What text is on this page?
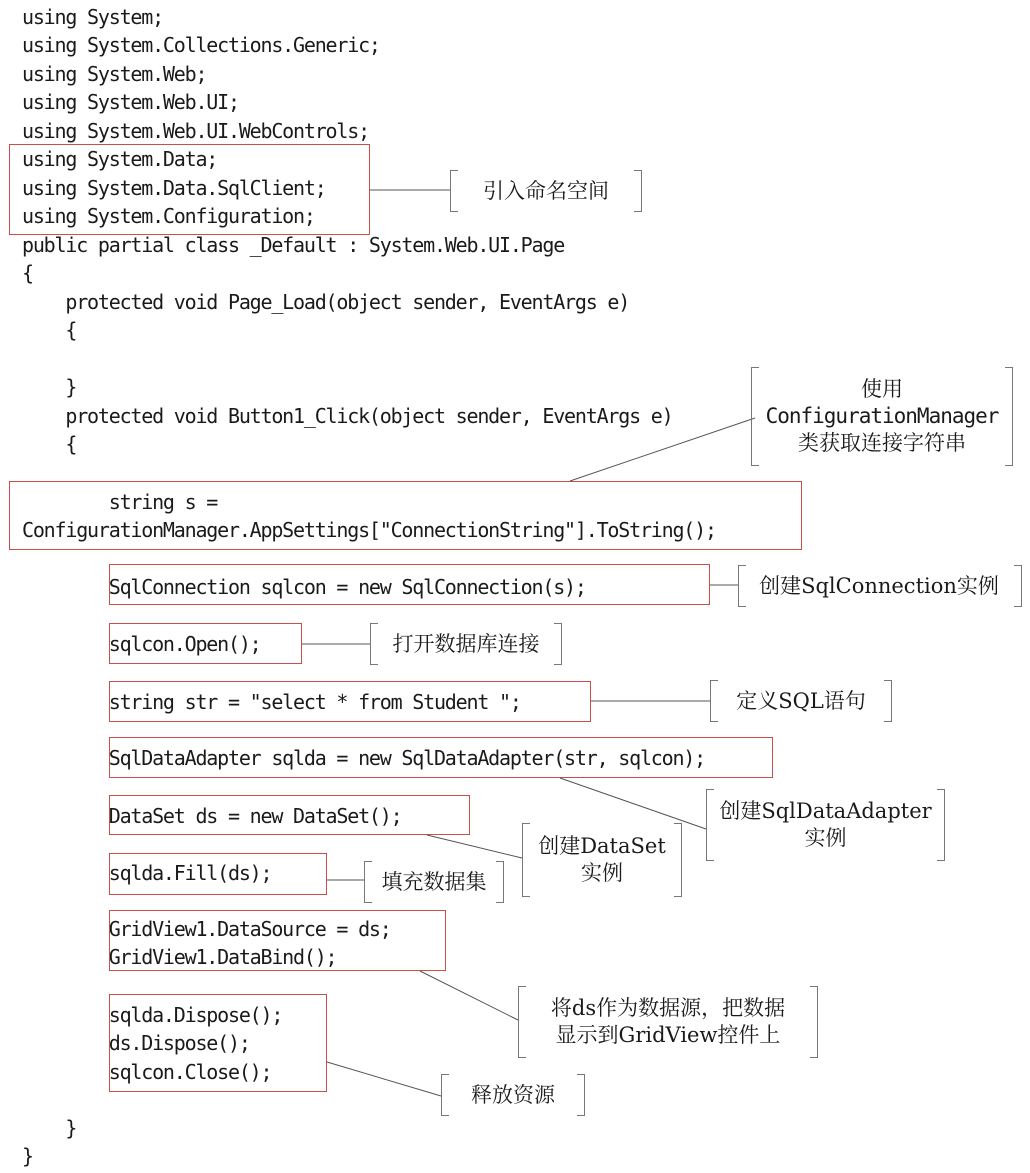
using System;
using System.Collections.Generic;
using System.Web;
using System.Web.UI;
using System.Web.UI.WebControls;
using System.Data;
using System.Data.SqlClient;
using System.Configuration;
public partial class _Default : System.Web.UI.Page
{
protected void Page_Load(object sender, EventArgs e)
{
}
protected void Button1_Click(object sender, EventArgs e)
{
string s =
ConfigurationManager.AppSettings["ConnectionString"].ToString();
SqlConnection sqlcon = new SqlConnection(s);
sqlcon.Open();
string str = "select * from Student ";
SqlDataAdapter sqlda = new SqlDataAdapter(str, sqlcon);
DataSet ds = new DataSet();
sqlda.Fill(ds);
GridView1.DataSource = ds;
GridView1.DataBind();
sqlda.Dispose();
ds.Dispose();
sqlcon.Close();
}
}
引入命名空间
使用
ConfigurationManager
类获取连接字符串
创建SqlConnection实例
打开数据库连接
定义SQL语句
创建SqlDataAdapter
实例
创建DataSet
实例
填充数据集
将ds作为数据源，把数据
显示到GridView控件上
释放资源
